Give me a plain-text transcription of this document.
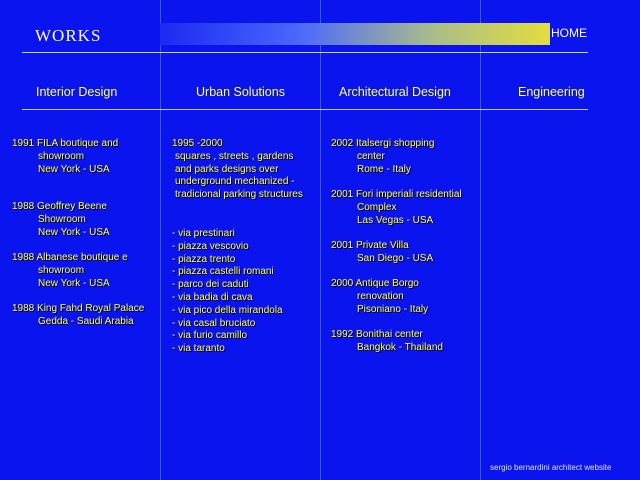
WORKS	HOME
Interior Design	Urban Solutions	Architectural Design	Engineering
1991 FILA boutique and
showroom
New York - USA
1988 Geoffrey Beene
Showroom
New York - USA
1988 Albanese boutique e
showroom
New York - USA
1988 King Fahd Royal Palace
Gedda - Saudi Arabia
1995 -2000
squares , streets , gardens
and parks designs over
underground mechanized -
tradicional parking structures
- via prestinari
- piazza vescovio
- piazza trento
- piazza castelli romani
- parco dei caduti
- via badia di cava
- via pico della mirandola
- via casal bruciato
- via furio camillo
- via taranto
2002 Italsergi shopping
center
Rome - Italy
2001 Fori imperiali residential
Complex
Las Vegas - USA
2001 Private Villa
San Diego - USA
2000 Antique Borgo
renovation
Pisoniano - Italy
1992 Bonithai center
Bangkok - Thailand
sergio bernardini architect website
